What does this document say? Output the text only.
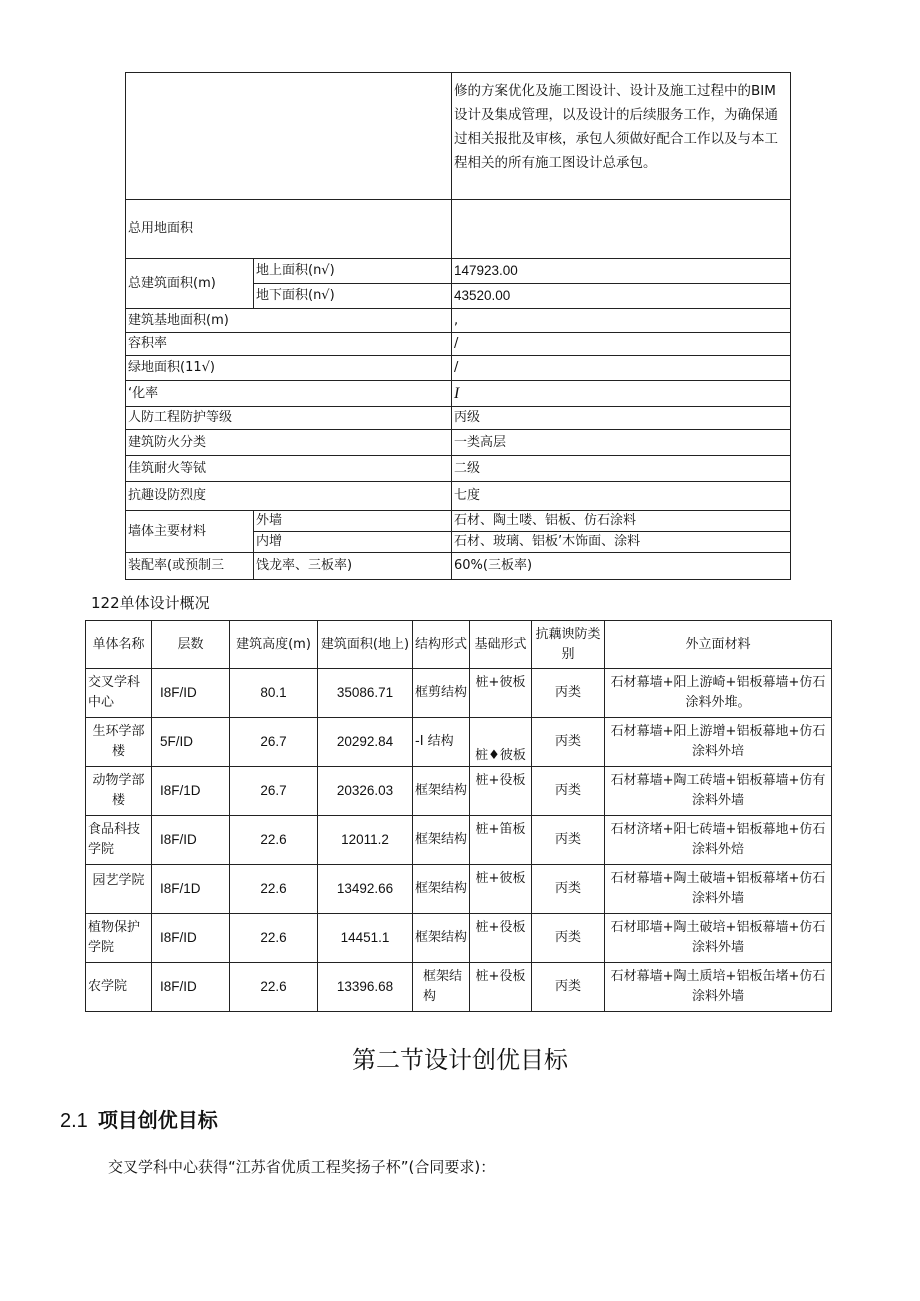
		修的方案优化及施工图设计、设计及施工过程中的BIM设计及集成管理，以及设计的后续服务工作，为确保通过相关报批及审核，承包人须做好配合工作以及与本工程相关的所有施工图设计总承包。
总用地面积		
总建筑面积(m)	地上面积(n√)	147923.00
	地下面积(n√)	43520.00
建筑基地面积(m)		,
容积率		/
绿地面积(11√)		/
‘化率		I
人防工程防护等级		丙级
建筑防火分类		一类高层
佳筑耐火等铽		二级
抗趣设防烈度		七度
墙体主要材料	外墙	石材、陶土喽、铝板、仿石涂料
	内增	石材、玻璃、铝板’木饰面、涂料
装配率(或预制三	饯龙率、三板率)	60%(三板率)
122单体设计概况
单体名称	层数	建筑高度(m)	建筑面积(地上)	结构形式	基础形式	抗藕谀防类别	外立面材料
交叉学科中心	I8F/ID	80.1	35086.71	框剪结构	桩+彼板	丙类	石材幕墙+阳上游崎+铝板幕墙+仿石涂料外堆。
生环学部楼	5F/ID	26.7	20292.84	-I 结构	桩♦彼板	丙类	石材幕墙+阳上游增+铝板幕地+仿石涂料外培
动物学部楼	I8F/1D	26.7	20326.03	框架结构	桩+役板	丙类	石材幕墙+陶工砖墙+铝板幕墙+仿有涂料外墙
食品科技学院	I8F/ID	22.6	12011.2	框架结构	桩+笛板	丙类	石材济堵+阳七砖墙+铝板幕地+仿石涂料外焙
园艺学院	I8F/1D	22.6	13492.66	框架结构	桩+彼板	丙类	石材幕墙+陶土破墙+铝板幕堵+仿石涂料外墙
植物保护学院	I8F/ID	22.6	14451.1	框架结构	桩+役板	丙类	石材耶墙+陶土破培+铝板幕墙+仿石涂料外墙
农学院	I8F/ID	22.6	13396.68	框架结构	桩+役板	丙类	石材幕墙+陶土质培+铝板缶堵+仿石涂料外墙
第二节设计创优目标
2.1 项目创优目标
交叉学科中心获得“江苏省优质工程奖扬子杯”(合同要求)：
